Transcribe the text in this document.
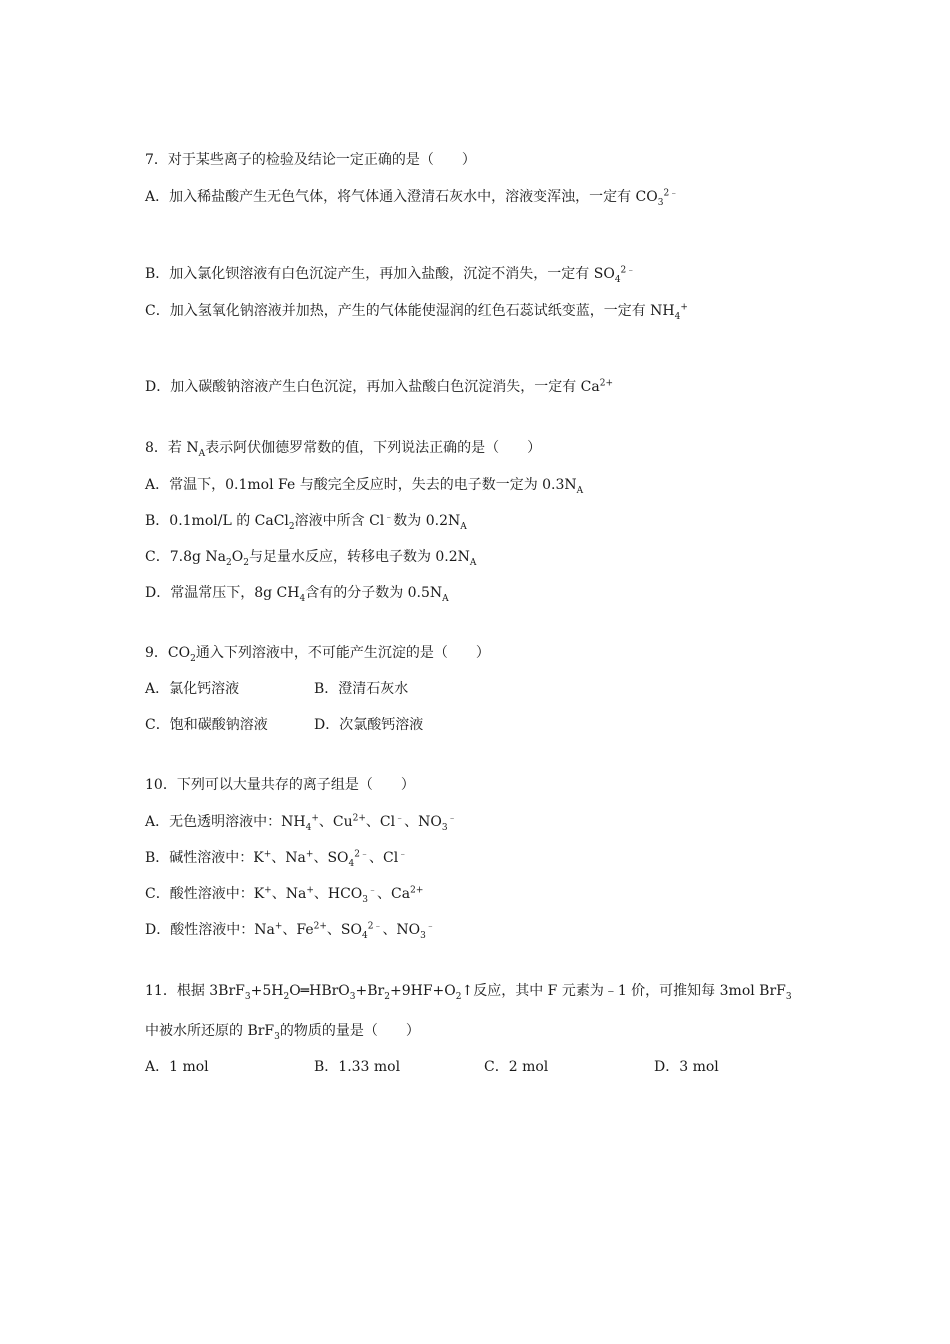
7．对于某些离子的检验及结论一定正确的是（　　）
A．加入稀盐酸产生无色气体，将气体通入澄清石灰水中，溶液变浑浊，一定有 $CO_3^{2﹣}$
B．加入氯化钡溶液有白色沉淀产生，再加入盐酸，沉淀不消失，一定有 $SO_4^{2﹣}$
C．加入氢氧化钠溶液并加热，产生的气体能使湿润的红色石蕊试纸变蓝，一定有 $NH_4^+$
D．加入碳酸钠溶液产生白色沉淀，再加入盐酸白色沉淀消失，一定有 $Ca^{2+}$
8．若 $N_A$表示阿伏伽德罗常数的值，下列说法正确的是（　　）
A．常温下，0.1mol Fe 与酸完全反应时，失去的电子数一定为 $0.3N_A$
B．0.1mol/L 的 CaCl$_2$溶液中所含 Cl﹣数为 $0.2N_A$
C．7.8g $Na_2O_2$与足量水反应，转移电子数为 $0.2N_A$
D．常温常压下，8g $CH_4$含有的分子数为 $0.5N_A$
9．$CO_2$通入下列溶液中，不可能产生沉淀的是（　　）
A．氯化钙溶液	B．澄清石灰水
C．饱和碳酸钠溶液	D．次氯酸钙溶液
10．下列可以大量共存的离子组是（　　）
A．无色透明溶液中：$NH_4^+$、$Cu^{2+}$、Cl﹣、$NO_3^﹣$
B．碱性溶液中：K+、Na+、$SO_4^{2﹣}$、Cl﹣
C．酸性溶液中：K+、Na+、$HCO_3^﹣$、$Ca^{2+}$
D．酸性溶液中：Na+、$Fe^{2+}$、$SO_4^{2﹣}$、$NO_3^﹣$
11．根据 $3BrF_3+5H_2O═HBrO_3+Br_2+9HF+O_2↑$反应，其中 F 元素为﹣1 价，可推知每 3mol BrF$_3$
中被水所还原的 BrF$_3$的物质的量是（　　）
A．1 mol	B．1.33 mol	C．2 mol	D．3 mol
